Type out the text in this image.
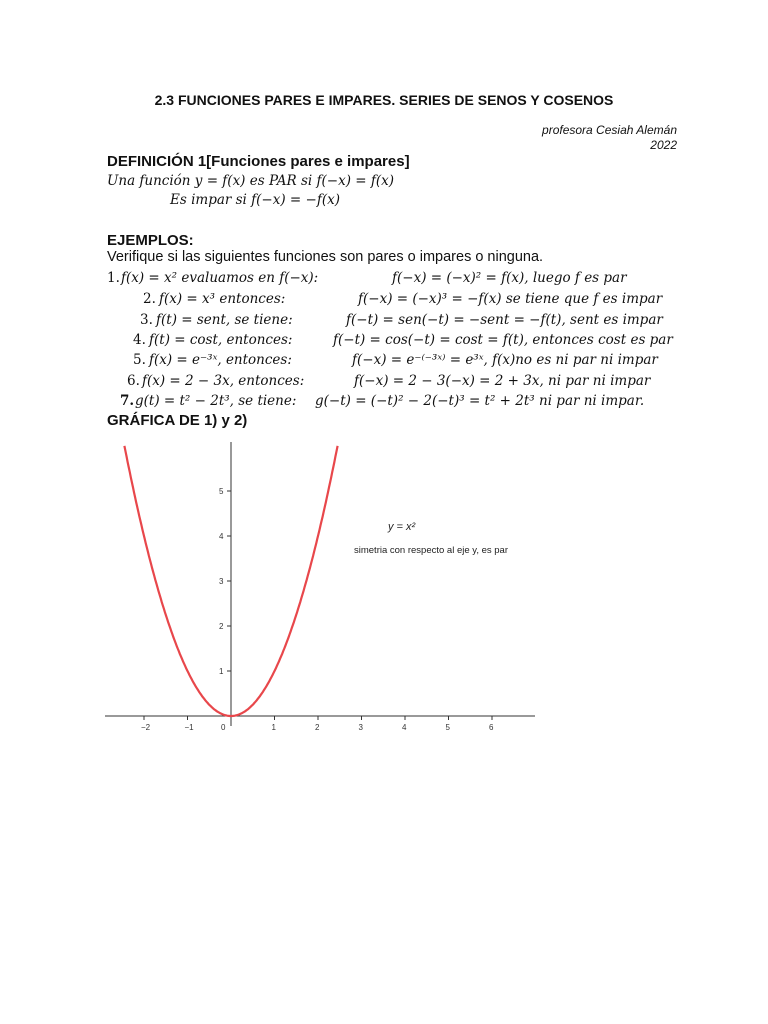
2.3 FUNCIONES PARES E IMPARES. SERIES DE SENOS Y COSENOS
profesora Cesiah Alemán
2022
DEFINICIÓN 1[Funciones pares e impares]
Una función y = f(x) es PAR si f(−x) = f(x)
Es impar si f(−x) = −f(x)
EJEMPLOS:
Verifique si las siguientes funciones son pares o impares o ninguna.
1. f(x) = x² evaluamos en f(−x):	f(−x) = (−x)² = f(x), luego f es par
2. f(x) = x³ entonces:	f(−x) = (−x)³ = −f(x) se tiene que f es impar
3. f(t) = sent, se tiene:	f(−t) = sen(−t) = −sent = −f(t), sent es impar
4. f(t) = cost, entonces:	f(−t) = cos(−t) = cost = f(t), entonces cost es par
5. f(x) = e⁻³ˣ, entonces:	f(−x) = e⁻⁽⁻³ˣ⁾ = e³ˣ, f(x)no es ni par ni impar
6. f(x) = 2 − 3x, entonces:	f(−x) = 2 − 3(−x) = 2 + 3x, ni par ni impar
7. g(t) = t² − 2t³, se tiene: g(−t) = (−t)² − 2(−t)³ = t² + 2t³ ni par ni impar.
GRÁFICA DE 1) y 2)
−2	−1	0	1	2	3	4	5	6
1
2
3
4
5
y = x²
simetria con respecto al eje y, es par
